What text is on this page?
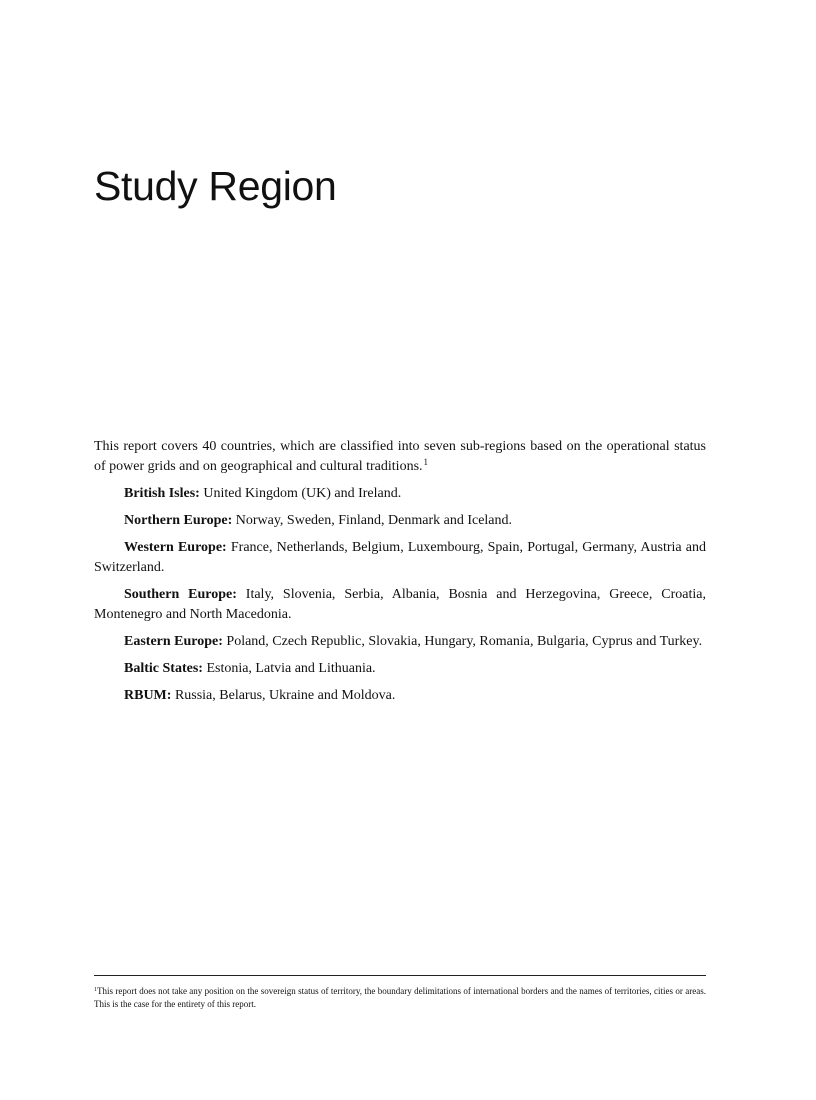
Study Region

This report covers 40 countries, which are classified into seven sub-regions based on the operational status of power grids and on geographical and cultural traditions.$^1$

British Isles: United Kingdom (UK) and Ireland.

Northern Europe: Norway, Sweden, Finland, Denmark and Iceland.

Western Europe: France, Netherlands, Belgium, Luxembourg, Spain, Portugal, Germany, Austria and Switzerland.

Southern Europe: Italy, Slovenia, Serbia, Albania, Bosnia and Herzegovina, Greece, Croatia, Montenegro and North Macedonia.

Eastern Europe: Poland, Czech Republic, Slovakia, Hungary, Romania, Bulgaria, Cyprus and Turkey.

Baltic States: Estonia, Latvia and Lithuania.

RBUM: Russia, Belarus, Ukraine and Moldova.

$^1$This report does not take any position on the sovereign status of territory, the boundary delimitations of international borders and the names of territories, cities or areas. This is the case for the entirety of this report.
